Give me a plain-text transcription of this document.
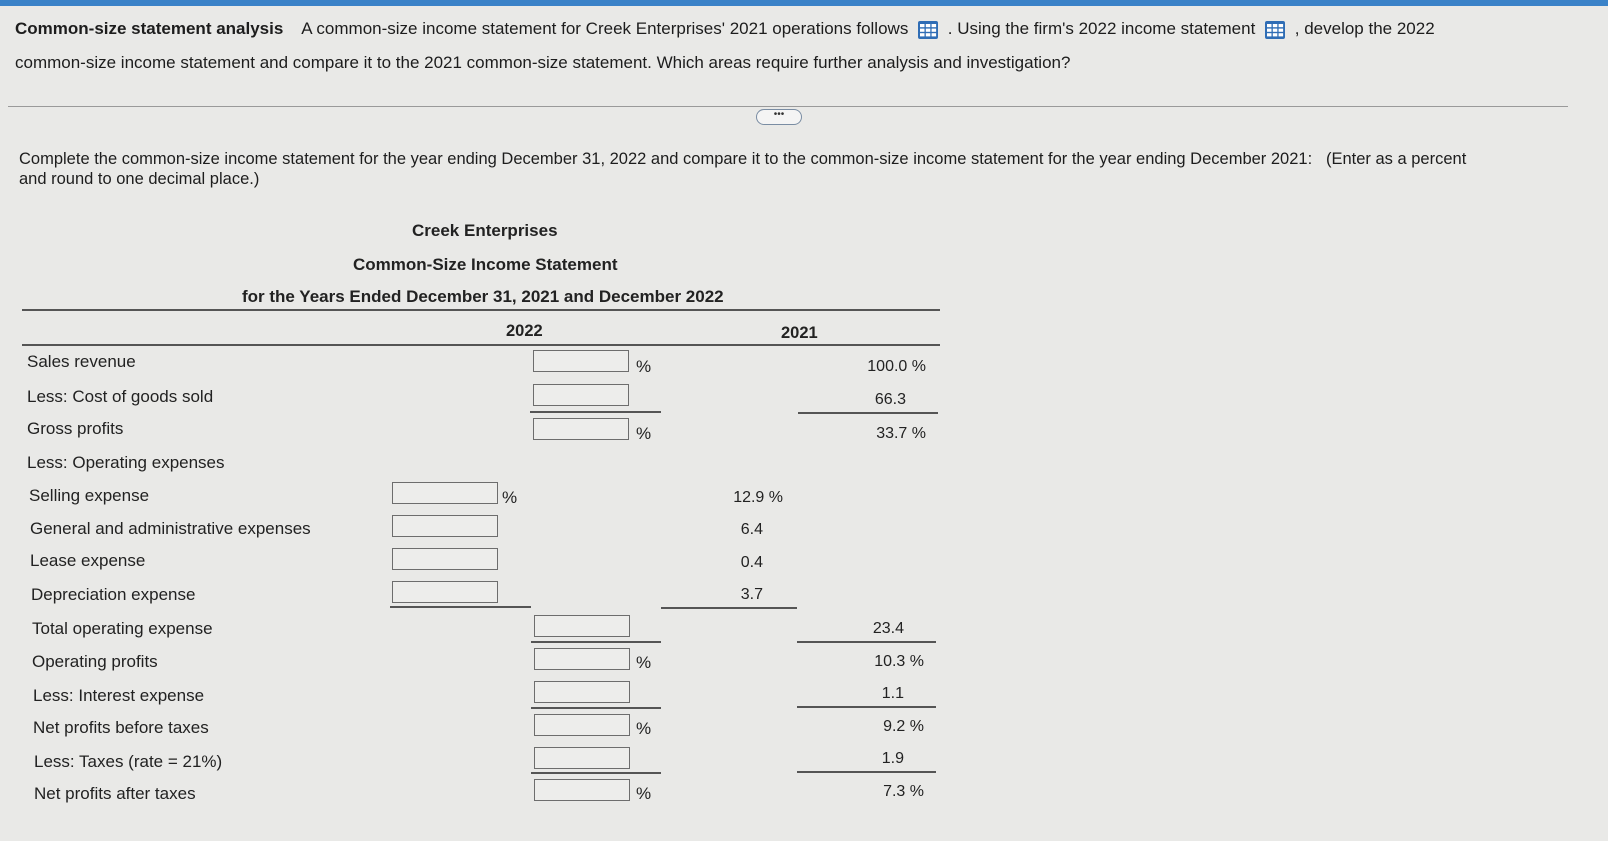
Common-size statement analysis A common-size income statement for Creek Enterprises' 2021 operations follows . Using the firm's 2022 income statement , develop the 2022
common-size income statement and compare it to the 2021 common-size statement. Which areas require further analysis and investigation?
•••
Complete the common-size income statement for the year ending December 31, 2022 and compare it to the common-size income statement for the year ending December 2021: (Enter as a percent
and round to one decimal place.)
Creek Enterprises
Common-Size Income Statement
for the Years Ended December 31, 2021 and December 2022
2022	2021
Sales revenue
Less: Cost of goods sold
Gross profits
Less: Operating expenses
Selling expense
General and administrative expenses
Lease expense
Depreciation expense
Total operating expense
Operating profits
Less: Interest expense
Net profits before taxes
Less: Taxes (rate = 21%)
Net profits after taxes
%
%
%
%
%
%
100.0 %
66.3
33.7 %
12.9 %
6.4
0.4
3.7
23.4
10.3 %
1.1
9.2 %
1.9
7.3 %
